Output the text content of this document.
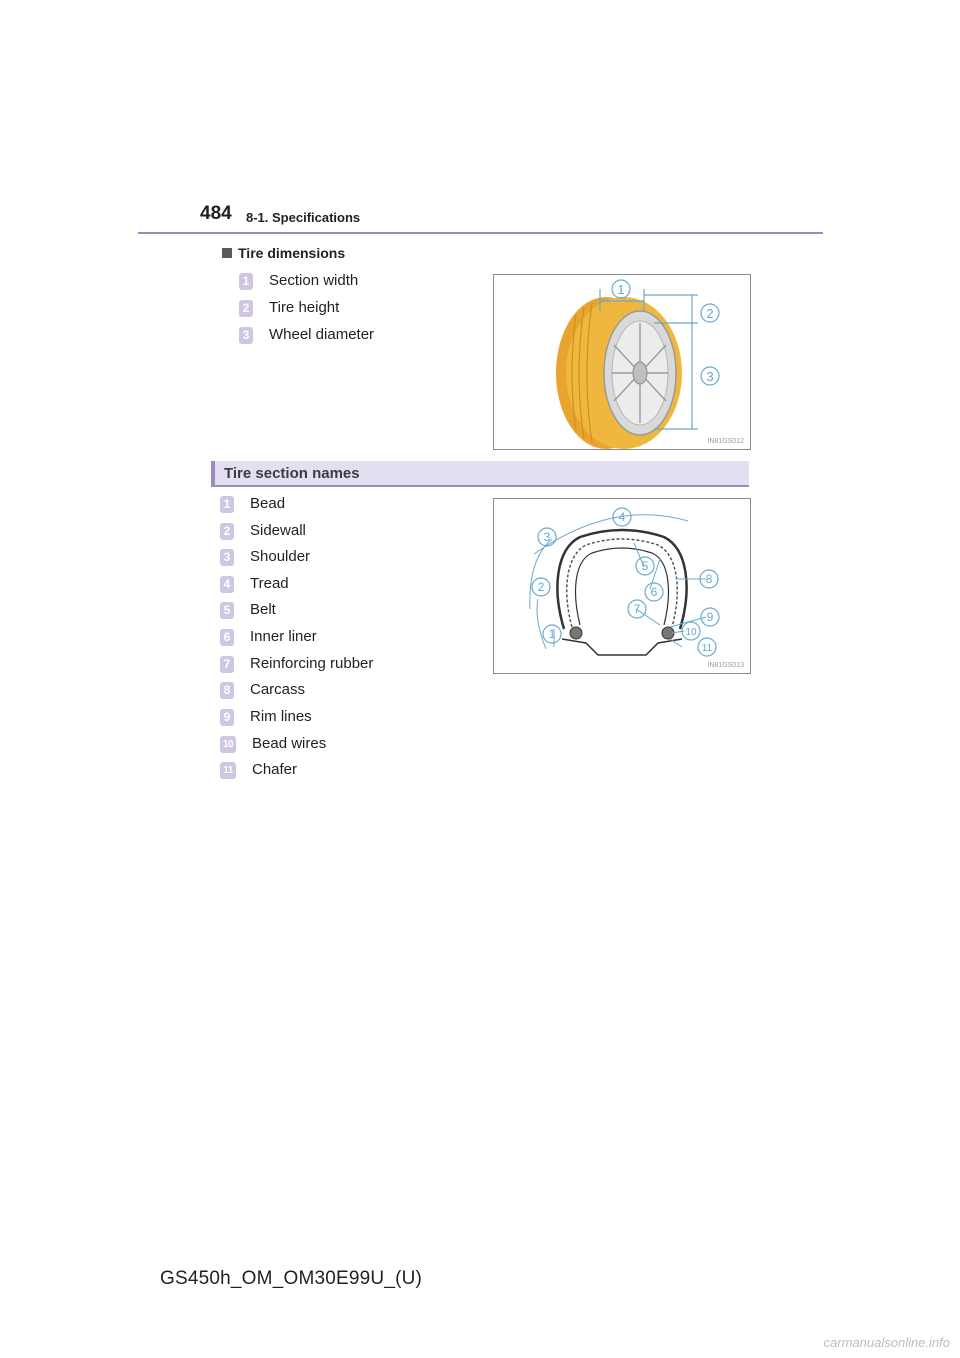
484 8-1. Specifications
Tire dimensions
1 Section width
2 Tire height
3 Wheel diameter
1
2
3
IN81GS012
Tire section names
1 Bead
2 Sidewall
3 Shoulder
4 Tread
5 Belt
6 Inner liner
7 Reinforcing rubber
8 Carcass
9 Rim lines
10 Bead wires
11 Chafer
1
2
3
4
5
6
7
8
9
10
11
IN81GS013
GS450h_OM_OM30E99U_(U)
carmanualsonline.info
